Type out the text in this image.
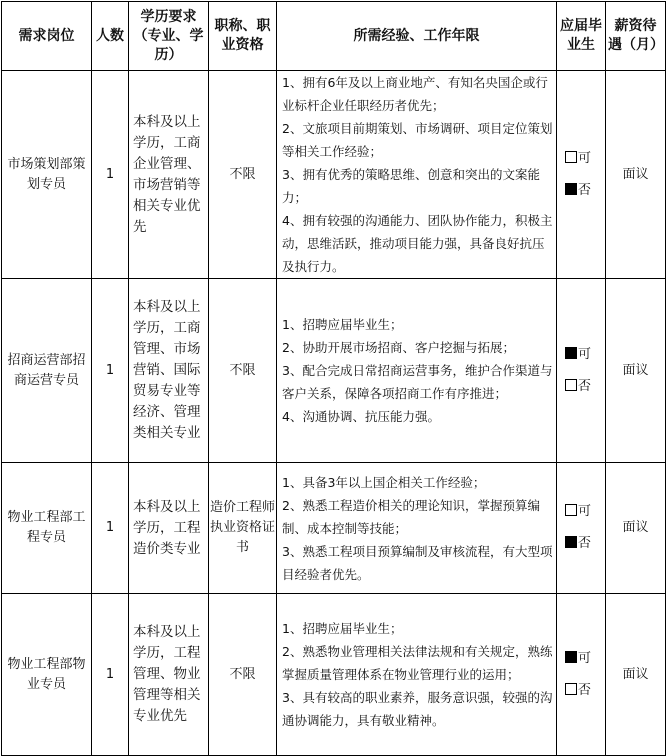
需求岗位	人数	学历要求（专业、学历）	职称、职业资格	所需经验、工作年限	应届毕业生	薪资待遇（月）
市场策划部策划专员	1	本科及以上学历，工商企业管理、市场营销等相关专业优先	不限	1、拥有6年及以上商业地产、有知名央国企或行业标杆企业任职经历者优先；
2、文旅项目前期策划、市场调研、项目定位策划等相关工作经验；
3、拥有优秀的策略思维、创意和突出的文案能力；
4、拥有较强的沟通能力、团队协作能力，积极主动，思维活跃，推动项目能力强，具备良好抗压及执行力。	可
否	面议
招商运营部招商运营专员	1	本科及以上学历，工商管理、市场营销、国际贸易专业等经济、管理类相关专业	不限	1、招聘应届毕业生；
2、协助开展市场招商、客户挖掘与拓展；
3、配合完成日常招商运营事务，维护合作渠道与客户关系，保障各项招商工作有序推进；
4、沟通协调、抗压能力强。	可
否	面议
物业工程部工程专员	1	本科及以上学历，工程造价类专业	造价工程师执业资格证书	1、具备3年以上国企相关工作经验；
2、熟悉工程造价相关的理论知识，掌握预算编制、成本控制等技能；
3、熟悉工程项目预算编制及审核流程，有大型项目经验者优先。	可
否	面议
物业工程部物业专员	1	本科及以上学历，工程管理、物业管理等相关专业优先	不限	1、招聘应届毕业生；
2、熟悉物业管理相关法律法规和有关规定，熟练掌握质量管理体系在物业管理行业的运用；
3、具有较高的职业素养，服务意识强，较强的沟通协调能力，具有敬业精神。	可
否	面议
